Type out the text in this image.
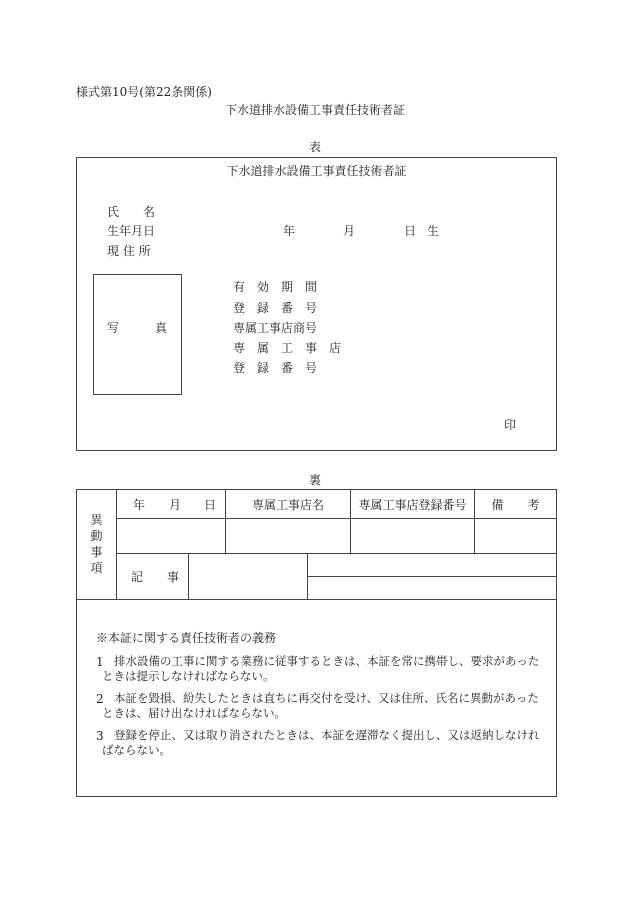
様式第10号(第22条関係)
下水道排水設備工事責任技術者証
表
下水道排水設備工事責任技術者証
氏　　名
生年月日	年	月	日 生
現 住 所
写　　　真
有　効　期　間
登　録　番　号
専属工事店商号
専　属　工　事　店
登　録　番　号
印
裏
異
動
事
項
年 月 日	専属工事店名	専属工事店登録番号	備　　考
記　　事
※本証に関する責任技術者の義務
1 排水設備の工事に関する業務に従事するときは、本証を常に携帯し、要求があった
ときは提示しなければならない。
2 本証を毀損、紛失したときは直ちに再交付を受け、又は住所、氏名に異動があった
ときは、届け出なければならない。
3 登録を停止、又は取り消されたときは、本証を遅滞なく提出し、又は返納しなけれ
ばならない。
